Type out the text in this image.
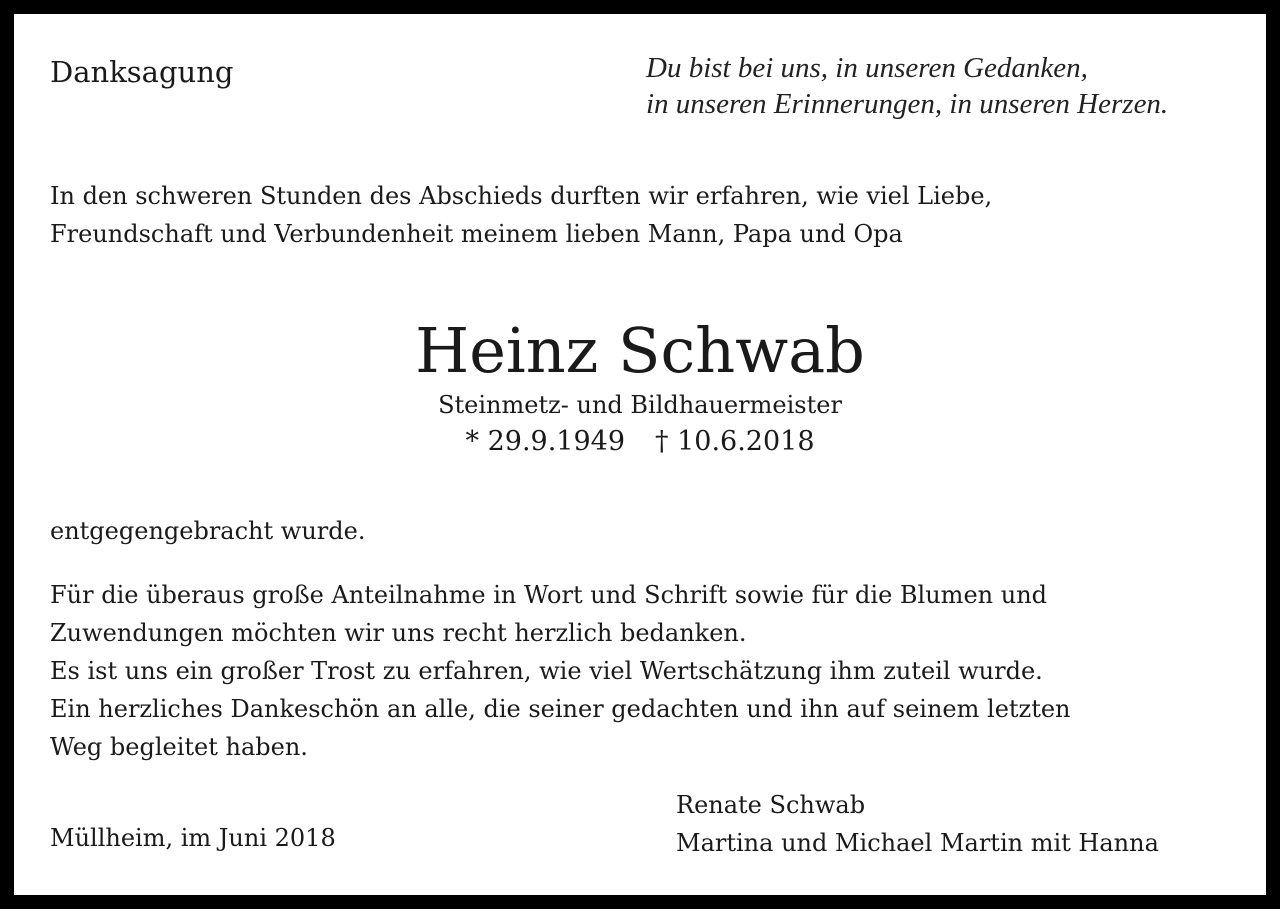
Danksagung	Du bist bei uns, in unseren Gedanken,
in unseren Erinnerungen, in unseren Herzen.
In den schweren Stunden des Abschieds durften wir erfahren, wie viel Liebe,
Freundschaft und Verbundenheit meinem lieben Mann, Papa und Opa
Heinz Schwab
Steinmetz- und Bildhauermeister
* 29.9.1949 † 10.6.2018
entgegengebracht wurde.
Für die überaus große Anteilnahme in Wort und Schrift sowie für die Blumen und
Zuwendungen möchten wir uns recht herzlich bedanken.
Es ist uns ein großer Trost zu erfahren, wie viel Wertschätzung ihm zuteil wurde.
Ein herzliches Dankeschön an alle, die seiner gedachten und ihn auf seinem letzten
Weg begleitet haben.
Müllheim, im Juni 2018
Renate Schwab
Martina und Michael Martin mit Hanna
